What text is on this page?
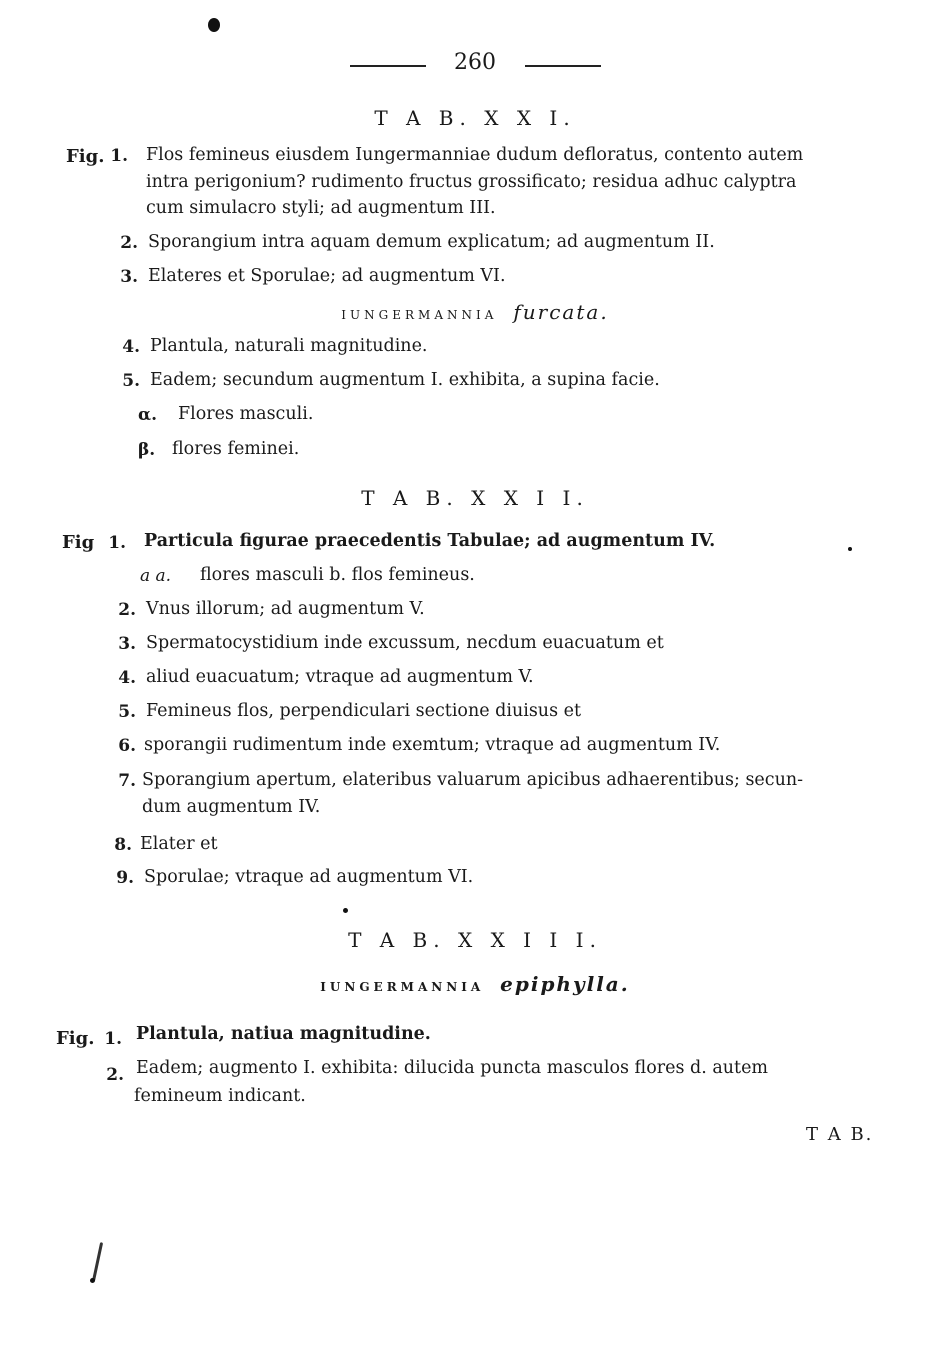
260
T A B. X X I.
Fig. 1. Flos femineus eiusdem Iungermanniae dudum defloratus, contento autem
intra perigonium? rudimento fructus grossificato; residua adhuc calyptra
cum simulacro styli; ad augmentum III.
2. Sporangium intra aquam demum explicatum; ad augmentum II.
3. Elateres et Sporulae; ad augmentum VI.
IUNGERMANNIA furcata.
4. Plantula, naturali magnitudine.
5. Eadem; secundum augmentum I. exhibita, a supina facie.
α. Flores masculi.
β. flores feminei.
T A B. X X I I.
Fig 1. Particula figurae praecedentis Tabulae; ad augmentum IV.
a a.	flores masculi b. flos femineus.
2. Vnus illorum; ad augmentum V.
3. Spermatocystidium inde excussum, necdum euacuatum et
4. aliud euacuatum; vtraque ad augmentum V.
5. Femineus flos, perpendiculari sectione diuisus et
6. sporangii rudimentum inde exemtum; vtraque ad augmentum IV.
7. Sporangium apertum, elateribus valuarum apicibus adhaerentibus; secun-
dum augmentum IV.
8. Elater et
9. Sporulae; vtraque ad augmentum VI.
T A B. X X I I I.
IUNGERMANNIA epiphylla.
Fig. 1. Plantula, natiua magnitudine.
2. Eadem; augmento I. exhibita: dilucida puncta masculos flores d. autem
femineum indicant.
T A B.
